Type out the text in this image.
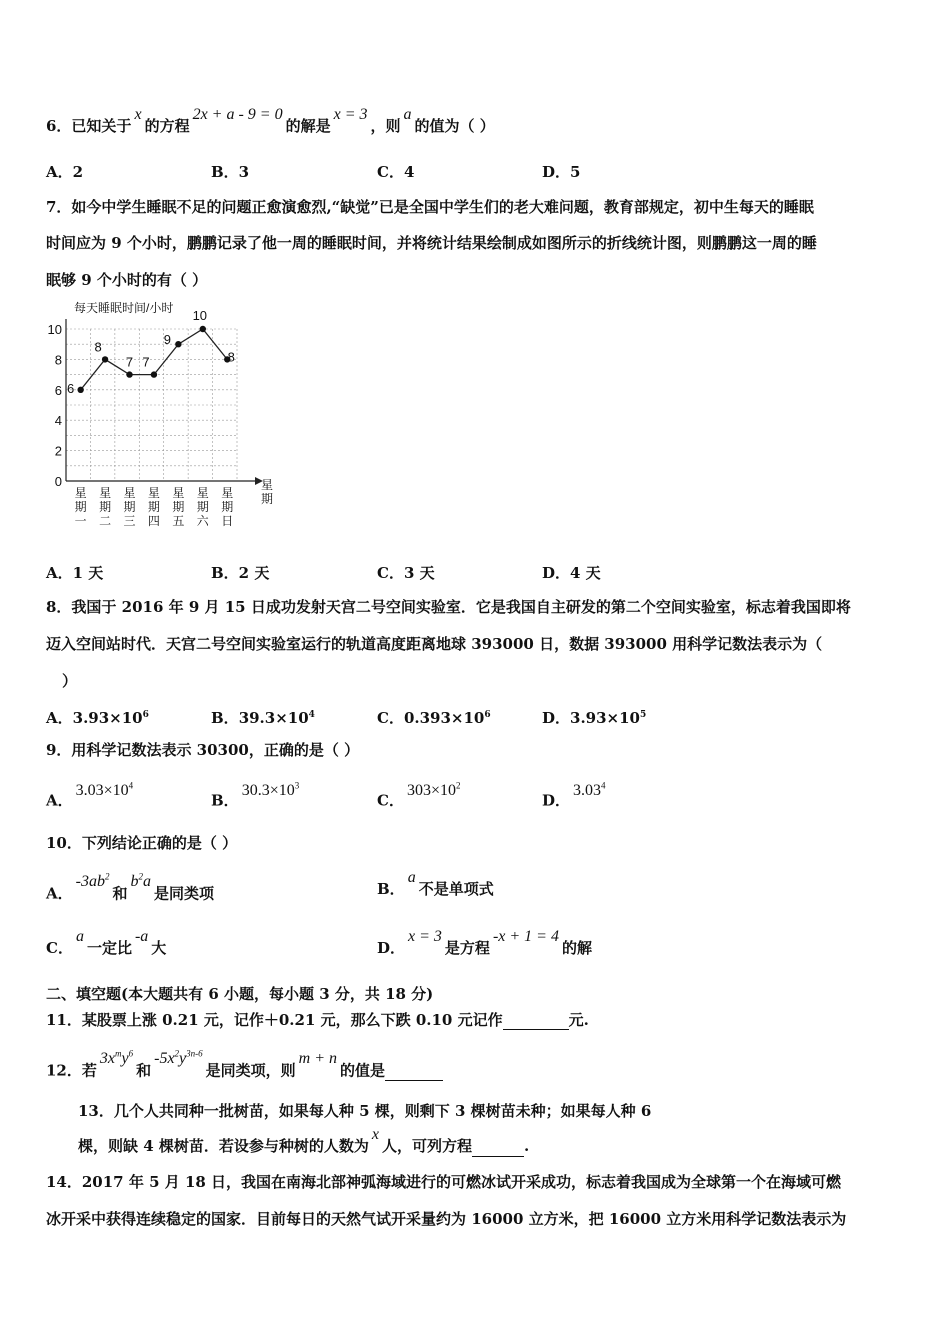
6．已知关于x的方程2x + a - 9 = 0的解是x = 3，则a的值为（ ）
A．2	B．3	C．4	D．5
7．如今中学生睡眠不足的问题正愈演愈烈,“缺觉”已是全国中学生们的老大难问题，教育部规定，初中生每天的睡眠
时间应为 9 个小时，鹏鹏记录了他一周的睡眠时间，并将统计结果绘制成如图所示的折线统计图，则鹏鹏这一周的睡
眠够 9 个小时的有（ ）
每天睡眠时间/小时
0
2
4
6
8
10
星
期
一
星
期
二
星
期
三
星
期
四
星
期
五
星
期
六
星
期
日
星
期
6
8
7 7
9
10
8
A．1 天	B．2 天	C．3 天	D．4 天
8．我国于 2016 年 9 月 15 日成功发射天宫二号空间实验室．它是我国自主研发的第二个空间实验室，标志着我国即将
迈入空间站时代．天宫二号空间实验室运行的轨道高度距离地球 393000 日，数据 393000 用科学记数法表示为（
）
A．$3.93\times 10^6$	B．$39.3\times 10^4$	C．$0.393\times 10^6$	D．$3.93\times 10^5$
9．用科学记数法表示 30300，正确的是（ ）
A．$3.03\times 10^4$
B．$30.3\times 10^3$
C．$303\times 10^2$
D．3.03$^4$
10．下列结论正确的是（ ）
A．$-3ab^2$和$b^2a$是同类项	B．a不是单项式
C．a一定比-a大	D．x = 3是方程-x + 1 = 4的解
二、填空题(本大题共有 6 小题，每小题 3 分，共 18 分)
11．某股票上涨 0.21 元，记作＋0.21 元，那么下跌 0.10 元记作	元.
12．若$3x^my^6$和$-5x^2y^{3n-6}$是同类项，则m + n的值是
13．几个人共同种一批树苗，如果每人种 5 棵，则剩下 3 棵树苗未种；如果每人种 6
棵，则缺 4 棵树苗．若设参与种树的人数为x人，可列方程	.
14．2017 年 5 月 18 日，我国在南海北部神弧海域进行的可燃冰试开采成功，标志着我国成为全球第一个在海域可燃
冰开采中获得连续稳定的国家．目前每日的天然气试开采量约为 16000 立方米，把 16000 立方米用科学记数法表示为
